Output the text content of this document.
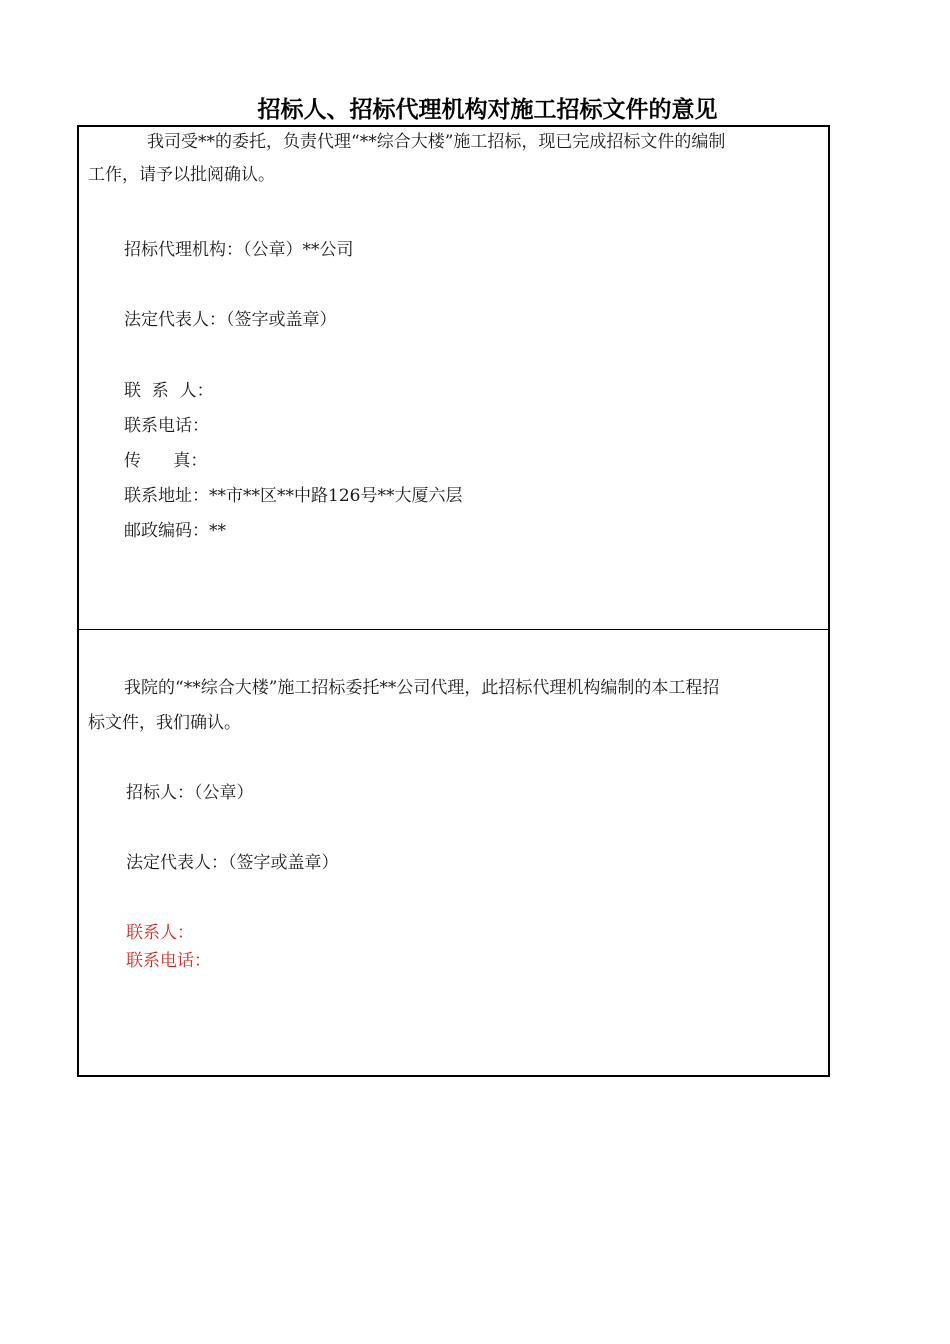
招标人、招标代理机构对施工招标文件的意见
我司受**的委托，负责代理“**综合大楼”施工招标，现已完成招标文件的编制
工作，请予以批阅确认。
招标代理机构：（公章）**公司
法定代表人：（签字或盖章）
联  系  人：
联系电话：
传      真：
联系地址：**市**区**中路126号**大厦六层
邮政编码：**
我院的“**综合大楼”施工招标委托**公司代理，此招标代理机构编制的本工程招
标文件，我们确认。
招标人：（公章）
法定代表人：（签字或盖章）
联系人：
联系电话：
